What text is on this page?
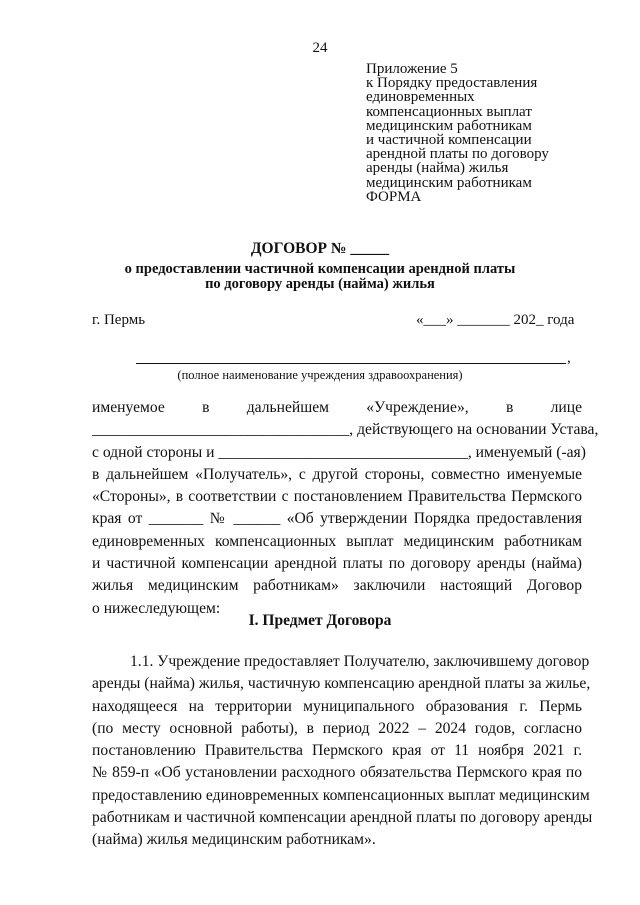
24
Приложение 5
к Порядку предоставления
единовременных
компенсационных выплат
медицинским работникам
и частичной компенсации
арендной платы по договору
аренды (найма) жилья
медицинским работникам
ФОРМА
ДОГОВОР № _____
о предоставлении частичной компенсации арендной платы
по договору аренды (найма) жилья
г. Пермь	«___» _______ 202_ года
,
(полное наименование учреждения здравоохранения)
именуемое в дальнейшем «Учреждение», в лице
_________________________________, действующего на основании Устава,
с одной стороны и ________________________________, именуемый (-ая)
в дальнейшем «Получатель», с другой стороны, совместно именуемые
«Стороны», в соответствии с постановлением Правительства Пермского
края от _______ № ______ «Об утверждении Порядка предоставления
единовременных компенсационных выплат медицинским работникам
и частичной компенсации арендной платы по договору аренды (найма)
жилья медицинским работникам» заключили настоящий Договор
о нижеследующем:
I. Предмет Договора
1.1. Учреждение предоставляет Получателю, заключившему договор
аренды (найма) жилья, частичную компенсацию арендной платы за жилье,
находящееся на территории муниципального образования г. Пермь
(по месту основной работы), в период 2022 – 2024 годов, согласно
постановлению Правительства Пермского края от 11 ноября 2021 г.
№ 859-п «Об установлении расходного обязательства Пермского края по
предоставлению единовременных компенсационных выплат медицинским
работникам и частичной компенсации арендной платы по договору аренды
(найма) жилья медицинским работникам».
